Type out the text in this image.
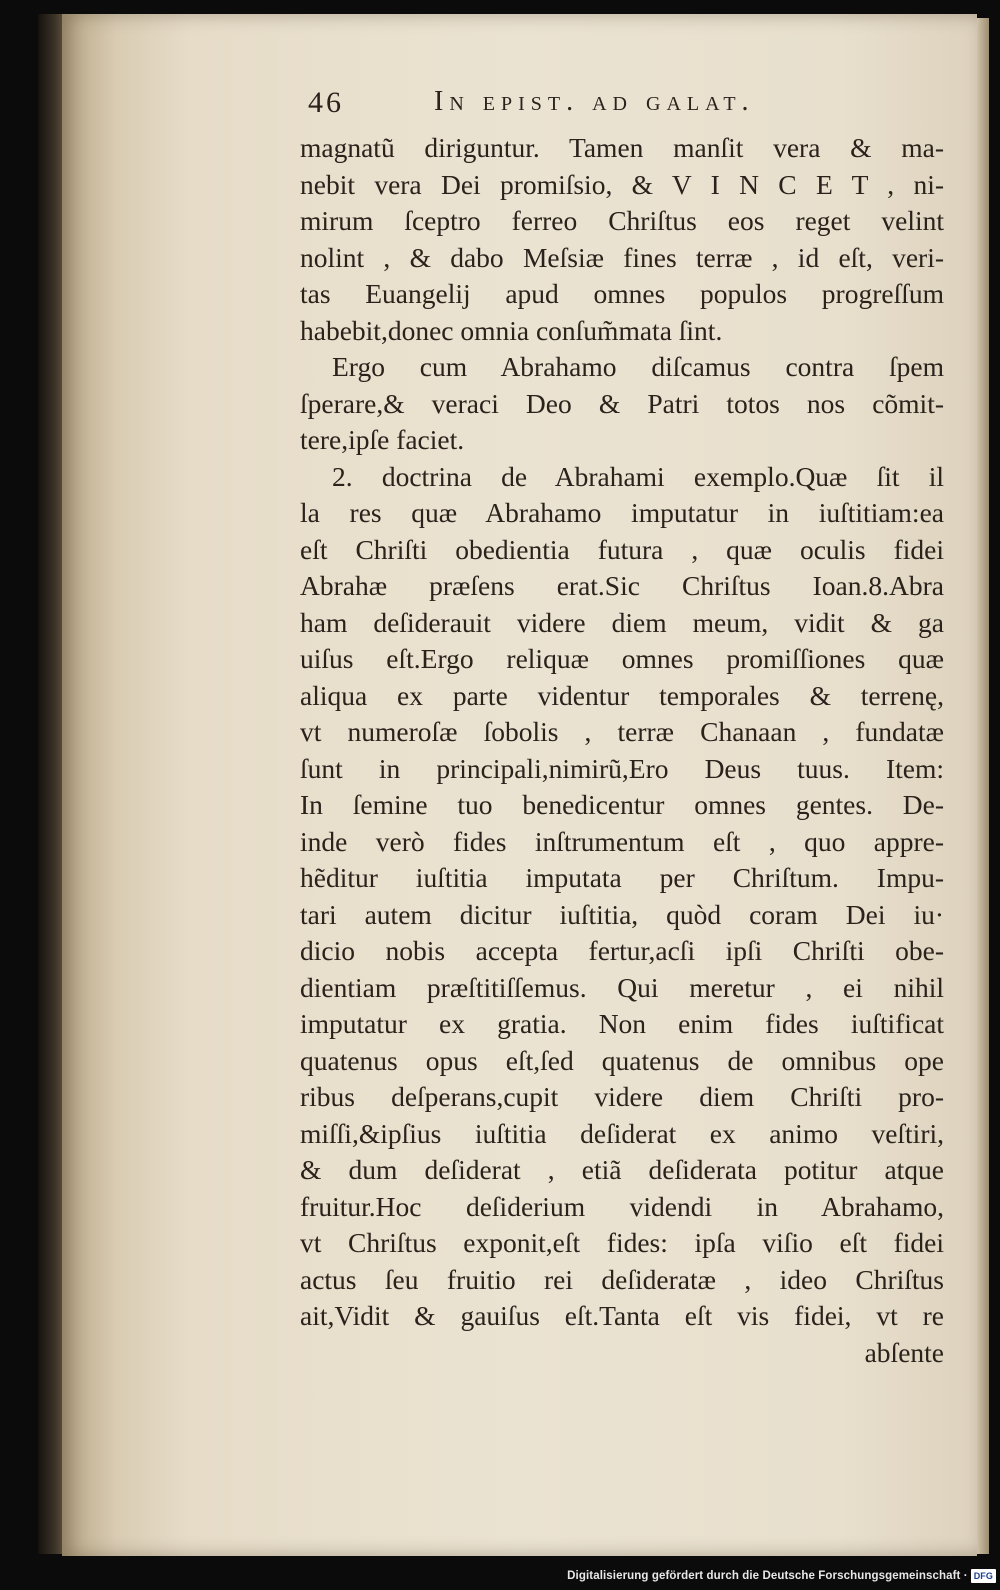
46	In epist. ad galat.
magnatũ diriguntur. Tamen manſit vera & ma-
nebit vera Dei promiſsio, & V I N C E T , ni-
mirum ſceptro ferreo Chriſtus eos reget velint
nolint , & dabo Meſsiæ fines terræ , id eſt, veri-
tas Euangelij apud omnes populos progreſſum
habebit,donec omnia conſum̃mata ſint.
Ergo cum Abrahamo diſcamus contra ſpem
ſperare,& veraci Deo & Patri totos nos cõmit-
tere,ipſe faciet.
2. doctrina de Abrahami exemplo.Quæ ſit il
la res quæ Abrahamo imputatur in iuſtitiam:ea
eſt Chriſti obedientia futura , quæ oculis fidei
Abrahæ præſens erat.Sic Chriſtus Ioan.8.Abra
ham deſiderauit videre diem meum, vidit & ga
uiſus eſt.Ergo reliquæ omnes promiſſiones quæ
aliqua ex parte videntur temporales & terrenę,
vt numeroſæ ſobolis , terræ Chanaan , fundatæ
ſunt in principali,nimirũ,Ero Deus tuus. Item:
In ſemine tuo benedicentur omnes gentes. De-
inde verò fides inſtrumentum eſt , quo appre-
hẽditur iuſtitia imputata per Chriſtum. Impu-
tari autem dicitur iuſtitia, quòd coram Dei iu·
dicio nobis accepta fertur,acſi ipſi Chriſti obe-
dientiam præſtitiſſemus. Qui meretur , ei nihil
imputatur ex gratia. Non enim fides iuſtificat
quatenus opus eſt,ſed quatenus de omnibus ope
ribus deſperans,cupit videre diem Chriſti pro-
miſſi,&ipſius iuſtitia deſiderat ex animo veſtiri,
& dum deſiderat , etiã deſiderata potitur atque
fruitur.Hoc deſiderium videndi in Abrahamo,
vt Chriſtus exponit,eſt fides: ipſa viſio eſt fidei
actus ſeu fruitio rei deſideratæ , ideo Chriſtus
ait,Vidit & gauiſus eſt.Tanta eſt vis fidei, vt re
abſente
Digitalisierung gefördert durch die Deutsche Forschungsgemeinschaft · DFG
